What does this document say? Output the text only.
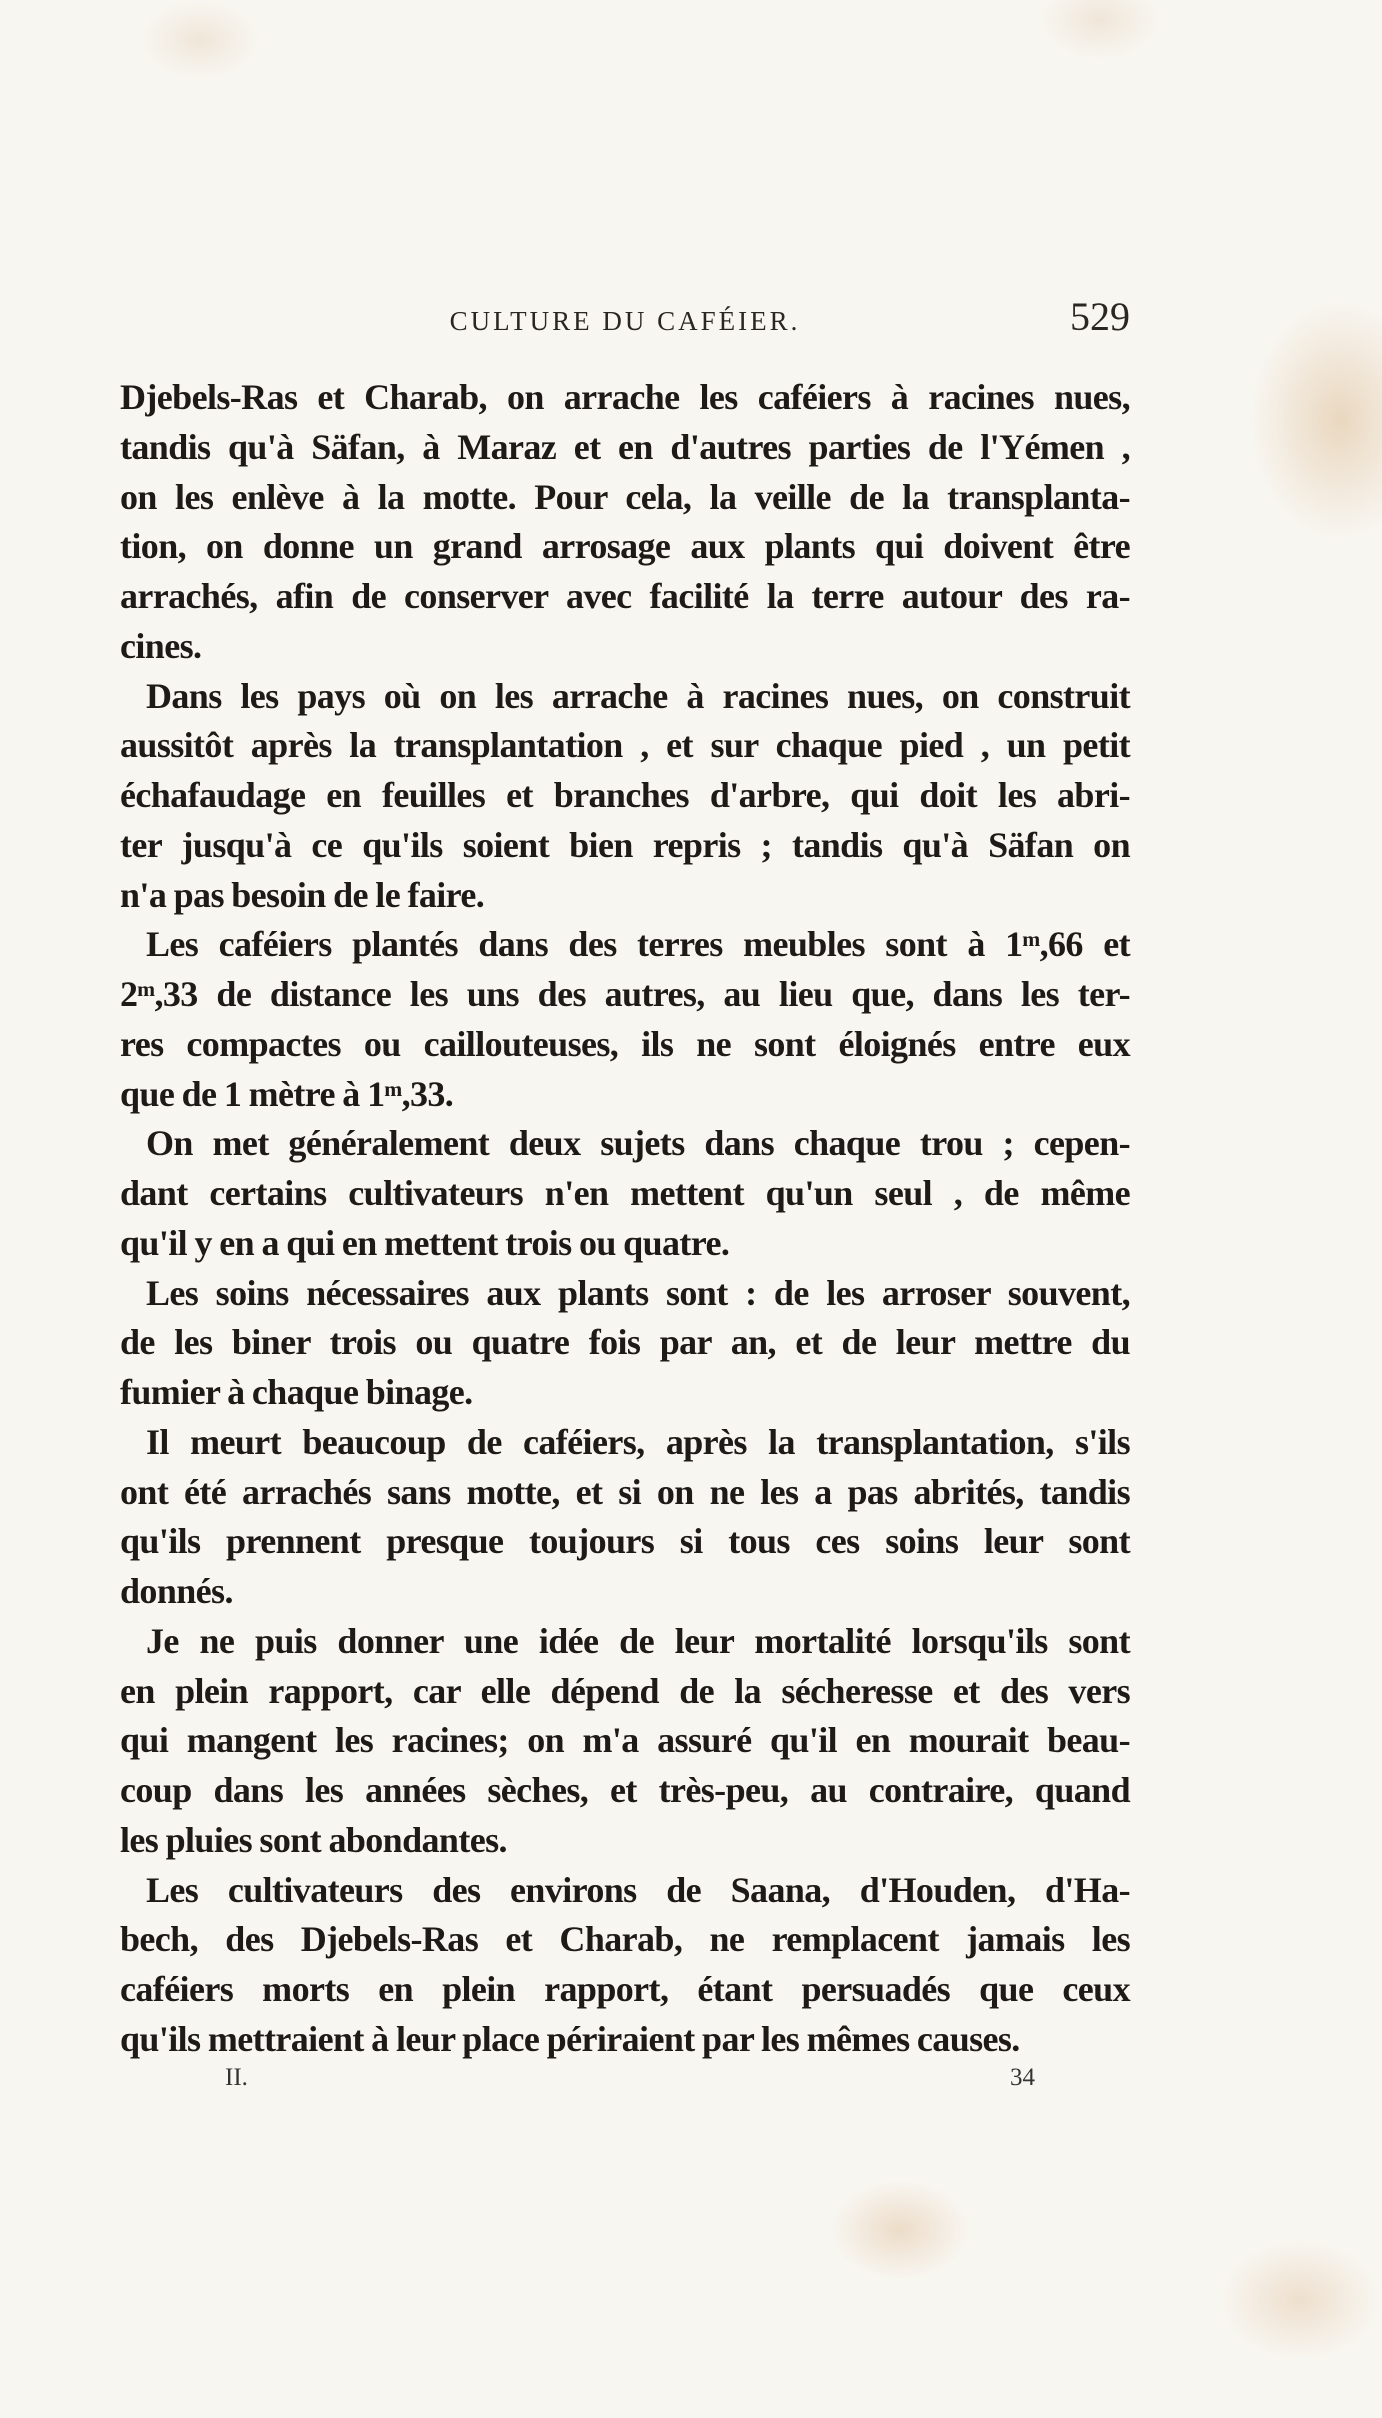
CULTURE DU CAFÉIER.	529
Djebels-Ras et Charab, on arrache les caféiers à racines nues,
tandis qu'à Säfan, à Maraz et en d'autres parties de l'Yémen ,
on les enlève à la motte. Pour cela, la veille de la transplanta-
tion, on donne un grand arrosage aux plants qui doivent être
arrachés, afin de conserver avec facilité la terre autour des ra-
cines.
Dans les pays où on les arrache à racines nues, on construit
aussitôt après la transplantation , et sur chaque pied , un petit
échafaudage en feuilles et branches d'arbre, qui doit les abri-
ter jusqu'à ce qu'ils soient bien repris ; tandis qu'à Säfan on
n'a pas besoin de le faire.
Les caféiers plantés dans des terres meubles sont à 1ᵐ,66 et
2ᵐ,33 de distance les uns des autres, au lieu que, dans les ter-
res compactes ou caillouteuses, ils ne sont éloignés entre eux
que de 1 mètre à 1ᵐ,33.
On met généralement deux sujets dans chaque trou ; cepen-
dant certains cultivateurs n'en mettent qu'un seul , de même
qu'il y en a qui en mettent trois ou quatre.
Les soins nécessaires aux plants sont : de les arroser souvent,
de les biner trois ou quatre fois par an, et de leur mettre du
fumier à chaque binage.
Il meurt beaucoup de caféiers, après la transplantation, s'ils
ont été arrachés sans motte, et si on ne les a pas abrités, tandis
qu'ils prennent presque toujours si tous ces soins leur sont
donnés.
Je ne puis donner une idée de leur mortalité lorsqu'ils sont
en plein rapport, car elle dépend de la sécheresse et des vers
qui mangent les racines; on m'a assuré qu'il en mourait beau-
coup dans les années sèches, et très-peu, au contraire, quand
les pluies sont abondantes.
Les cultivateurs des environs de Saana, d'Houden, d'Ha-
bech, des Djebels-Ras et Charab, ne remplacent jamais les
caféiers morts en plein rapport, étant persuadés que ceux
qu'ils mettraient à leur place périraient par les mêmes causes.
II.	34
